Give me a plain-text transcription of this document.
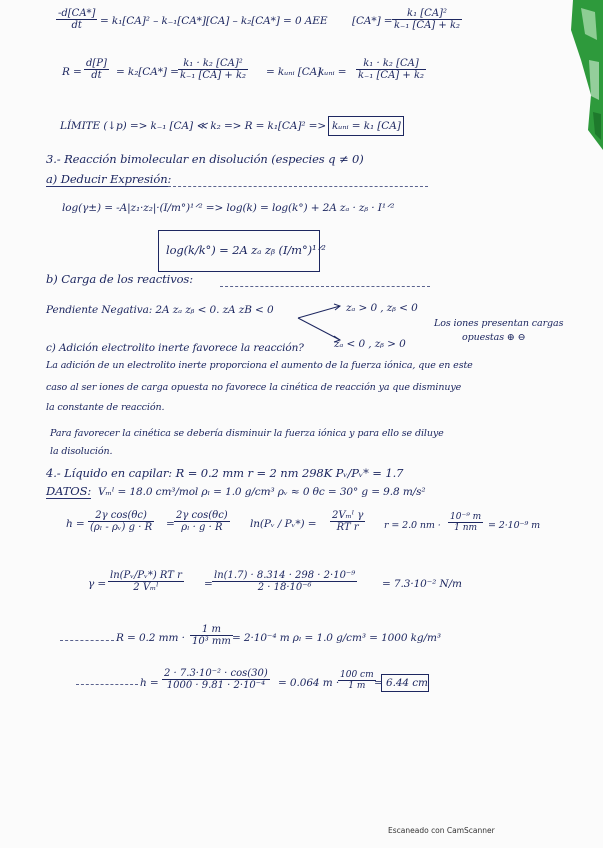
$\frac{-d[CA*]}{dt} = k_1[CA]^2 - k_{-1}[CA*][CA] - k_2[CA*] = 0$ AEE $[CA*] = \frac{\text{k₁ [CA]²}}{\text{k₋₁ [CA] + k₂}}$
$R = \frac{d[P]}{dt} = k_2[CA*] = \frac{\text{k₁ · k₂ [CA]²}}{\text{k₋₁ [CA] + k₂}}$ = kᵤₙᵢ [CA]
kᵤₙᵢ = $\frac{\text{k₁ · k₂ [CA]}}{\text{k₋₁ [CA] + k₂}}$
LÍMITE (↓p) => k₋₁ [CA] ≪ k₂ => R = k₁[CA]² => kᵤₙᵢ = k₁ [CA]
3.- Reacción bimolecular en disolución (especies q ≠ 0)
a) Deducir Expresión:
log(γ±) = -A|z₁·z₂|·(I/m°)¹ᐟ² => log(k) = log(k°) + 2A zₐ · zᵦ · I¹ᐟ²
log(k/k°) = 2A zₐ zᵦ (I/m°)¹ᐟ²
b) Carga de los reactivos:
Pendiente Negativa: 2A zₐ zᵦ < 0. zA zB < 0	zₐ > 0 , zᵦ < 0
zₐ < 0 , zᵦ > 0
Los iones presentan cargas
opuestas ⊕ ⊖
c) Adición electrolito inerte favorece la reacción?
La adición de un electrolito inerte proporciona el aumento de la fuerza iónica, que en este
caso al ser iones de carga opuesta no favorece la cinética de reacción ya que disminuye
la constante de reacción.
Para favorecer la cinética se debería disminuir la fuerza iónica y para ello se diluye
la disolución.
4.- Líquido en capilar: R = 0.2 mm r = 2 nm 298K Pᵥ/Pᵥ* = 1.7
DATOS: Vₘˡ = 18.0 cm³/mol ρₗ = 1.0 g/cm³ ρᵥ ≈ 0 θc = 30° g = 9.8 m/s²
$h = \frac{\text{2γ cos(θc)}}{\text{(ρₗ - ρᵥ) g · R}} = \frac{\text{2γ cos(θc)}}{\text{ρₗ · g · R}}$ ln(Pᵥ / Pᵥ*) =
2Vₘˡ γ
RT r	r = 2.0 nm · $\frac{\text{10⁻⁹ m}}{1 nm} = 2\cdot 10^{-9}$ m
γ =
ln(Pᵥ/Pᵥ*) RT r
2 Vₘˡ	= $\frac{\text{ln(1.7) · 8.314 · 298 · 2·10⁻⁹}}{\text{2 · 18·10⁻⁶}} = 7.3\cdot 10^{-2}$ N/m
R = 0.2 mm · $\frac{1 m}{\text{10³ mm}} = 2\cdot 10^{-4}$ m ρₗ = 1.0 g/cm³ = 1000 kg/m³
$h = \frac{\text{2 · 7.3·10⁻² · cos(30)}}{\text{1000 · 9.81 · 2·10⁻⁴}} = 0.064$ m ·
$\frac{100 cm}{1 m}$
= 6.44 cm
Escaneado con CamScanner
